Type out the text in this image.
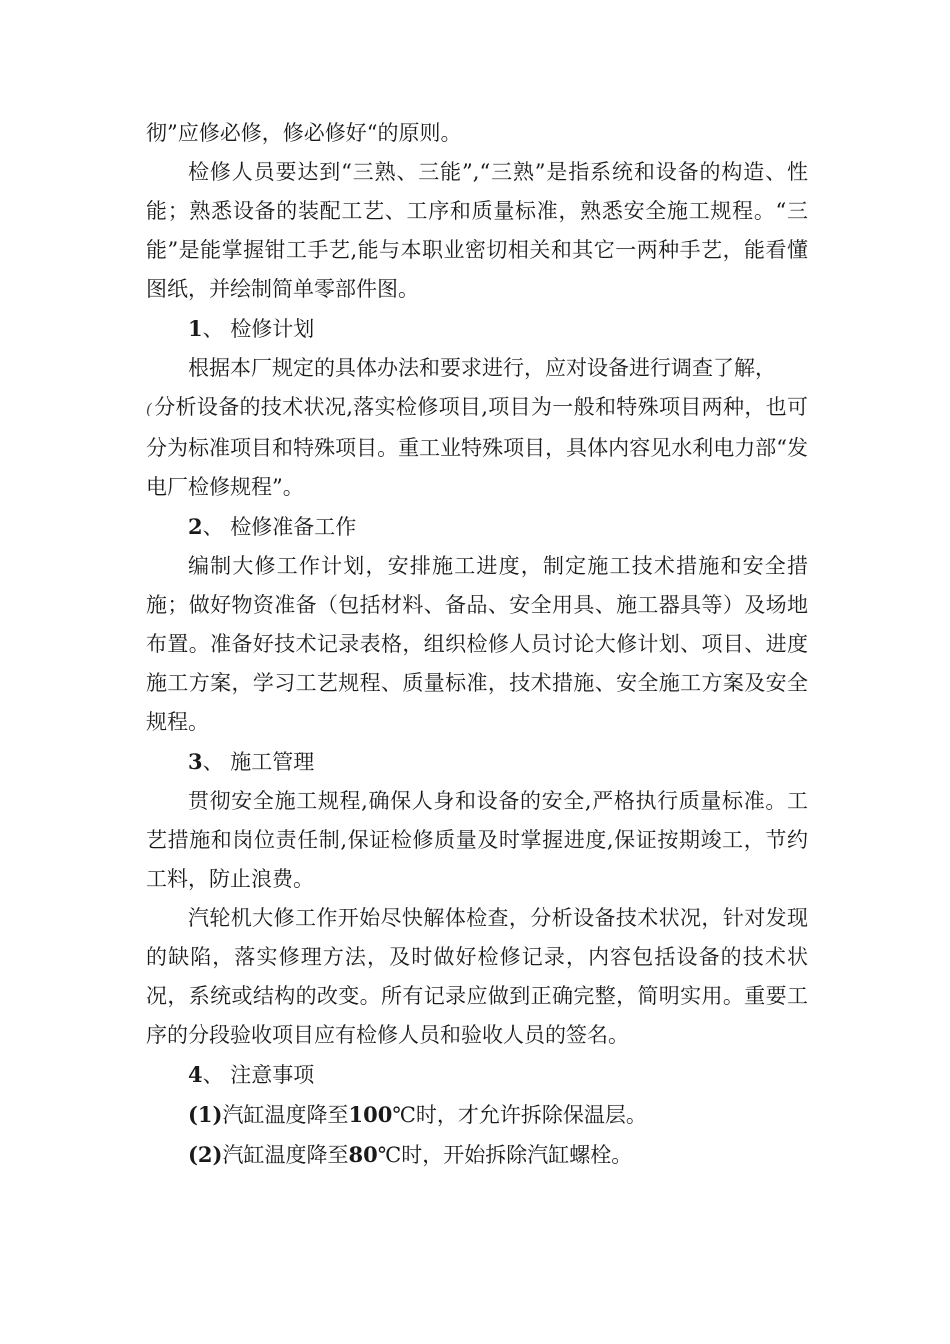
彻”应修必修，修必修好“的原则。

检修人员要达到“三熟、三能”,“三熟”是指系统和设备的构造、性能；熟悉设备的装配工艺、工序和质量标准，熟悉安全施工规程。“三能”是能掌握钳工手艺,能与本职业密切相关和其它一两种手艺，能看懂图纸，并绘制简单零部件图。

1、 检修计划

根据本厂规定的具体办法和要求进行，应对设备进行调查了解，

(分析设备的技术状况,落实检修项目,项目为一般和特殊项目两种，也可分为标准项目和特殊项目。重工业特殊项目，具体内容见水利电力部“发电厂检修规程”。

2、 检修准备工作

编制大修工作计划，安排施工进度，制定施工技术措施和安全措施；做好物资准备（包括材料、备品、安全用具、施工器具等）及场地布置。准备好技术记录表格，组织检修人员讨论大修计划、项目、进度施工方案，学习工艺规程、质量标准，技术措施、安全施工方案及安全规程。

3、 施工管理

贯彻安全施工规程,确保人身和设备的安全,严格执行质量标准。工艺措施和岗位责任制,保证检修质量及时掌握进度,保证按期竣工，节约工料，防止浪费。

汽轮机大修工作开始尽快解体检查，分析设备技术状况，针对发现的缺陷，落实修理方法，及时做好检修记录，内容包括设备的技术状况，系统或结构的改变。所有记录应做到正确完整，简明实用。重要工序的分段验收项目应有检修人员和验收人员的签名。

4、 注意事项

(1)汽缸温度降至100℃时，才允许拆除保温层。

(2)汽缸温度降至80℃时，开始拆除汽缸螺栓。
